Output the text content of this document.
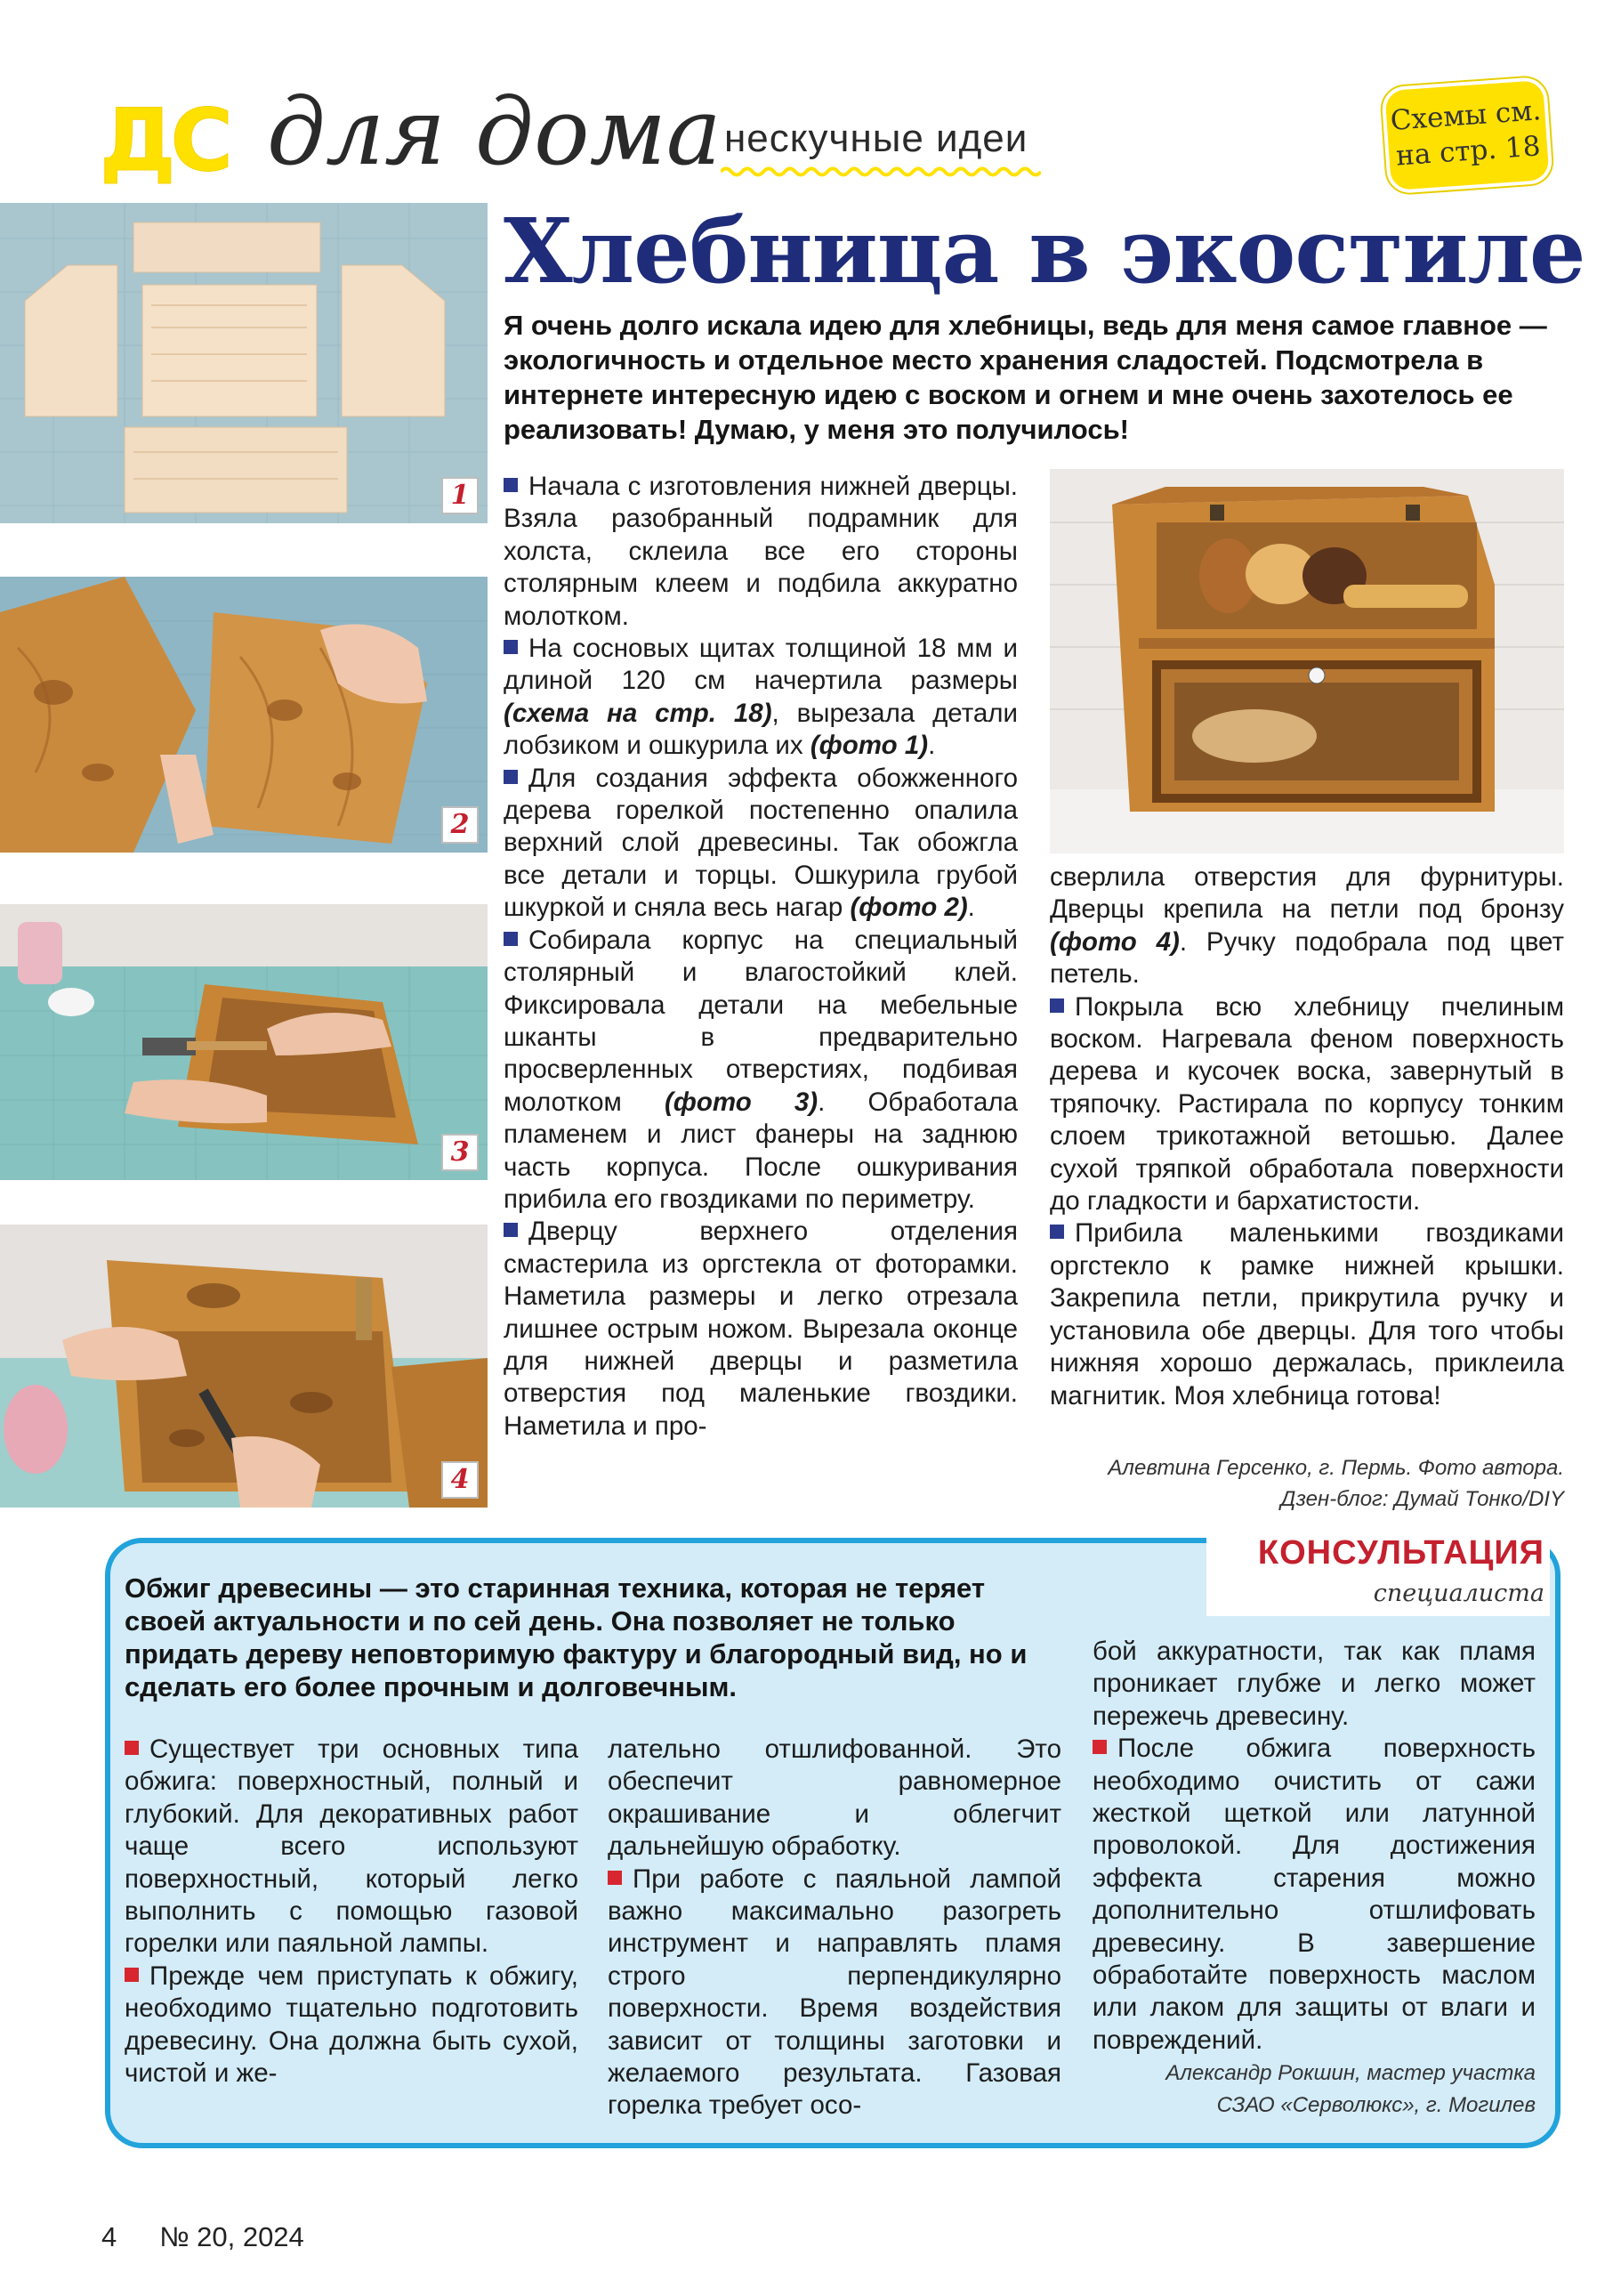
ДС для дома нескучные идеи
Схемы см. на стр. 18
Хлебница в экостиле
Я очень долго искала идею для хлебницы, ведь для меня самое главное — экологичность и отдельное место хранения сладостей. Подсмотрела в интернете интересную идею с воском и огнем и мне очень захотелось ее реализовать! Думаю, у меня это получилось!
1
2
3
4

Начала с изготовления нижней дверцы. Взяла разобранный подрамник для холста, склеила все его стороны столярным клеем и подбила аккуратно молотком.

На сосновых щитах толщиной 18 мм и длиной 120 см начертила размеры (схема на стр. 18), вырезала детали лобзиком и ошкурила их (фото 1).

Для создания эффекта обожженного дерева горелкой постепенно опалила верхний слой древесины. Так обожгла все детали и торцы. Ошкурила грубой шкуркой и сняла весь нагар (фото 2).

Собирала корпус на специальный столярный и влагостойкий клей. Фиксировала детали на мебельные шканты в предварительно просверленных отверстиях, подбивая молотком (фото 3). Обработала пламенем и лист фанеры на заднюю часть корпуса. После ошкуривания прибила его гвоздиками по периметру.

Дверцу верхнего отделения смастерила из оргстекла от фоторамки. Наметила размеры и легко отрезала лишнее острым ножом. Вырезала оконце для нижней дверцы и разметила отверстия под маленькие гвоздики. Наметила и про-

сверлила отверстия для фурнитуры. Дверцы крепила на петли под бронзу (фото 4). Ручку подобрала под цвет петель.

Покрыла всю хлебницу пчелиным воском. Нагревала феном поверхность дерева и кусочек воска, завернутый в тряпочку. Растирала по корпусу тонким слоем трикотажной ветошью. Далее сухой тряпкой обработала поверхности до гладкости и бархатистости.

Прибила маленькими гвоздиками оргстекло к рамке нижней крышки. Закрепила петли, прикрутила ручку и установила обе дверцы. Для того чтобы нижняя хорошо держалась, приклеила магнитик. Моя хлебница готова!

Алевтина Герсенко, г. Пермь. Фото автора.
Дзен-блог: Думай Тонко/DIY
КОНСУЛЬТАЦИЯ
специалиста
Обжиг древесины — это старинная техника, которая не теряет своей актуальности и по сей день. Она позволяет не только придать дереву неповторимую фактуру и благородный вид, но и сделать его более прочным и долговечным.

Существует три основных типа обжига: поверхностный, полный и глубокий. Для декоративных работ чаще всего используют поверхностный, который легко выполнить с помощью газовой горелки или паяльной лампы.

Прежде чем приступать к обжигу, необходимо тщательно подготовить древесину. Она должна быть сухой, чистой и же-

лательно отшлифованной. Это обеспечит равномерное окрашивание и облегчит дальнейшую обработку.

При работе с паяльной лампой важно максимально разогреть инструмент и направлять пламя строго перпендикулярно поверхности. Время воздействия зависит от толщины заготовки и желаемого результата. Газовая горелка требует осо-

бой аккуратности, так как пламя проникает глубже и легко может пережечь древесину.

После обжига поверхность необходимо очистить от сажи жесткой щеткой или латунной проволокой. Для достижения эффекта старения можно дополнительно отшлифовать древесину. В завершение обработайте поверхность маслом или лаком для защиты от влаги и повреждений.

Александр Рокшин, мастер участка
СЗАО «Серволюкс», г. Могилев
4 № 20, 2024
